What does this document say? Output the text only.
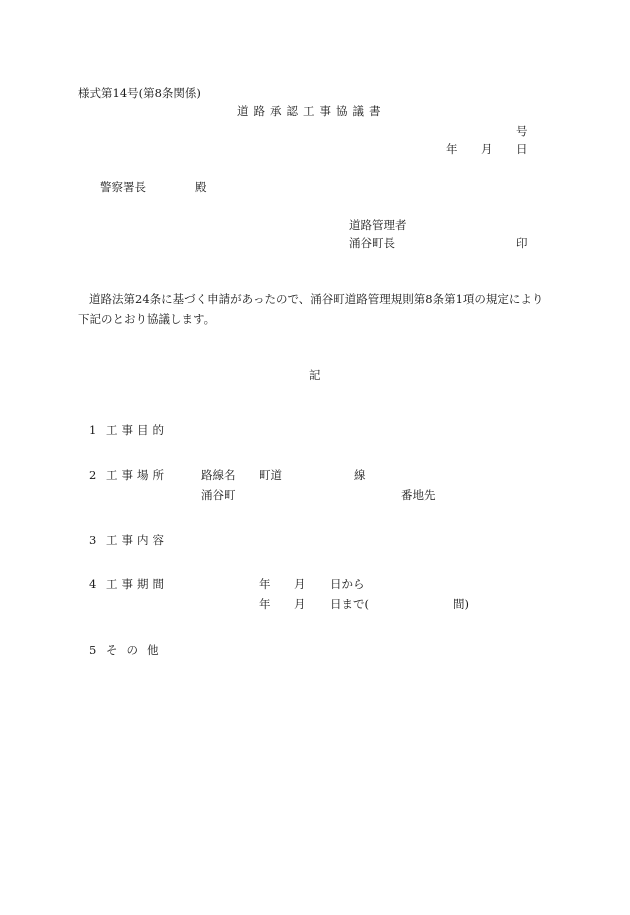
様式第14号(第8条関係)
道路承認工事協議書
号
年 月 日
警察署長	殿
道路管理者
涌谷町長	印
道路法第24条に基づく申請があったので、涌谷町道路管理規則第8条第1項の規定により
下記のとおり協議します。
記
1 工事目的
2 工事場所	路線名 町道	線
涌谷町	番地先
3 工事内容
4 工事期間	年 月 日から
年 月 日まで(	間)
5 その他
